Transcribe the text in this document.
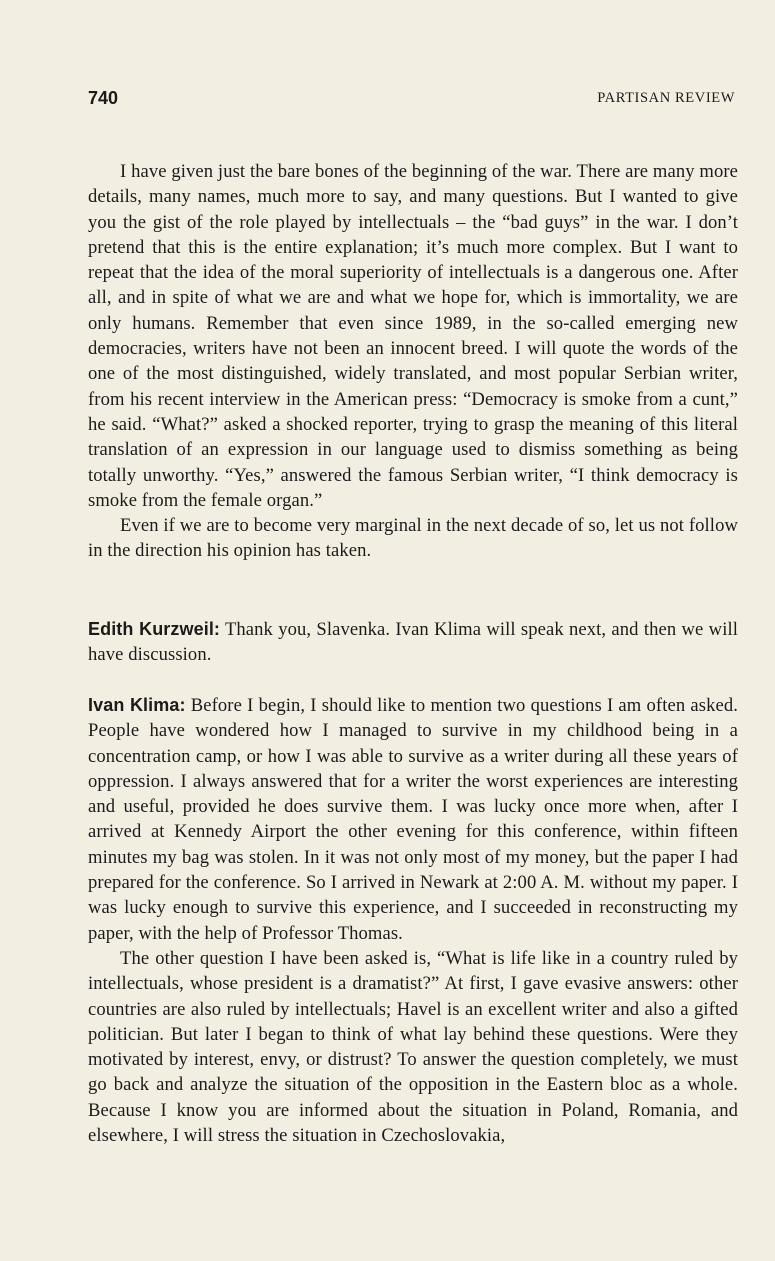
740	PARTISAN REVIEW

I have given just the bare bones of the beginning of the war. There are many more details, many names, much more to say, and many questions. But I wanted to give you the gist of the role played by intellectuals – the “bad guys” in the war. I don’t pretend that this is the entire explanation; it’s much more complex. But I want to repeat that the idea of the moral superiority of intellectuals is a dangerous one. After all, and in spite of what we are and what we hope for, which is immortality, we are only humans. Remember that even since 1989, in the so-called emerging new democracies, writers have not been an innocent breed. I will quote the words of the one of the most distinguished, widely translated, and most popular Serbian writer, from his recent interview in the American press: “Democracy is smoke from a cunt,” he said. “What?” asked a shocked reporter, trying to grasp the meaning of this literal translation of an expression in our language used to dismiss something as being totally unworthy. “Yes,” answered the famous Serbian writer, “I think democracy is smoke from the female organ.”

Even if we are to become very marginal in the next decade of so, let us not follow in the direction his opinion has taken.

Edith Kurzweil: Thank you, Slavenka. Ivan Klima will speak next, and then we will have discussion.

Ivan Klima: Before I begin, I should like to mention two questions I am often asked. People have wondered how I managed to survive in my childhood being in a concentration camp, or how I was able to survive as a writer during all these years of oppression. I always answered that for a writer the worst experiences are interesting and useful, provided he does survive them. I was lucky once more when, after I arrived at Kennedy Airport the other evening for this conference, within fifteen minutes my bag was stolen. In it was not only most of my money, but the paper I had prepared for the conference. So I arrived in Newark at 2:00 A. M. without my paper. I was lucky enough to survive this experience, and I succeeded in reconstructing my paper, with the help of Professor Thomas.

The other question I have been asked is, “What is life like in a country ruled by intellectuals, whose president is a dramatist?” At first, I gave evasive answers: other countries are also ruled by intellectuals; Havel is an excellent writer and also a gifted politician. But later I began to think of what lay behind these questions. Were they motivated by interest, envy, or distrust? To answer the question completely, we must go back and analyze the situation of the opposition in the Eastern bloc as a whole. Because I know you are informed about the situation in Poland, Romania, and elsewhere, I will stress the situation in Czechoslovakia,
